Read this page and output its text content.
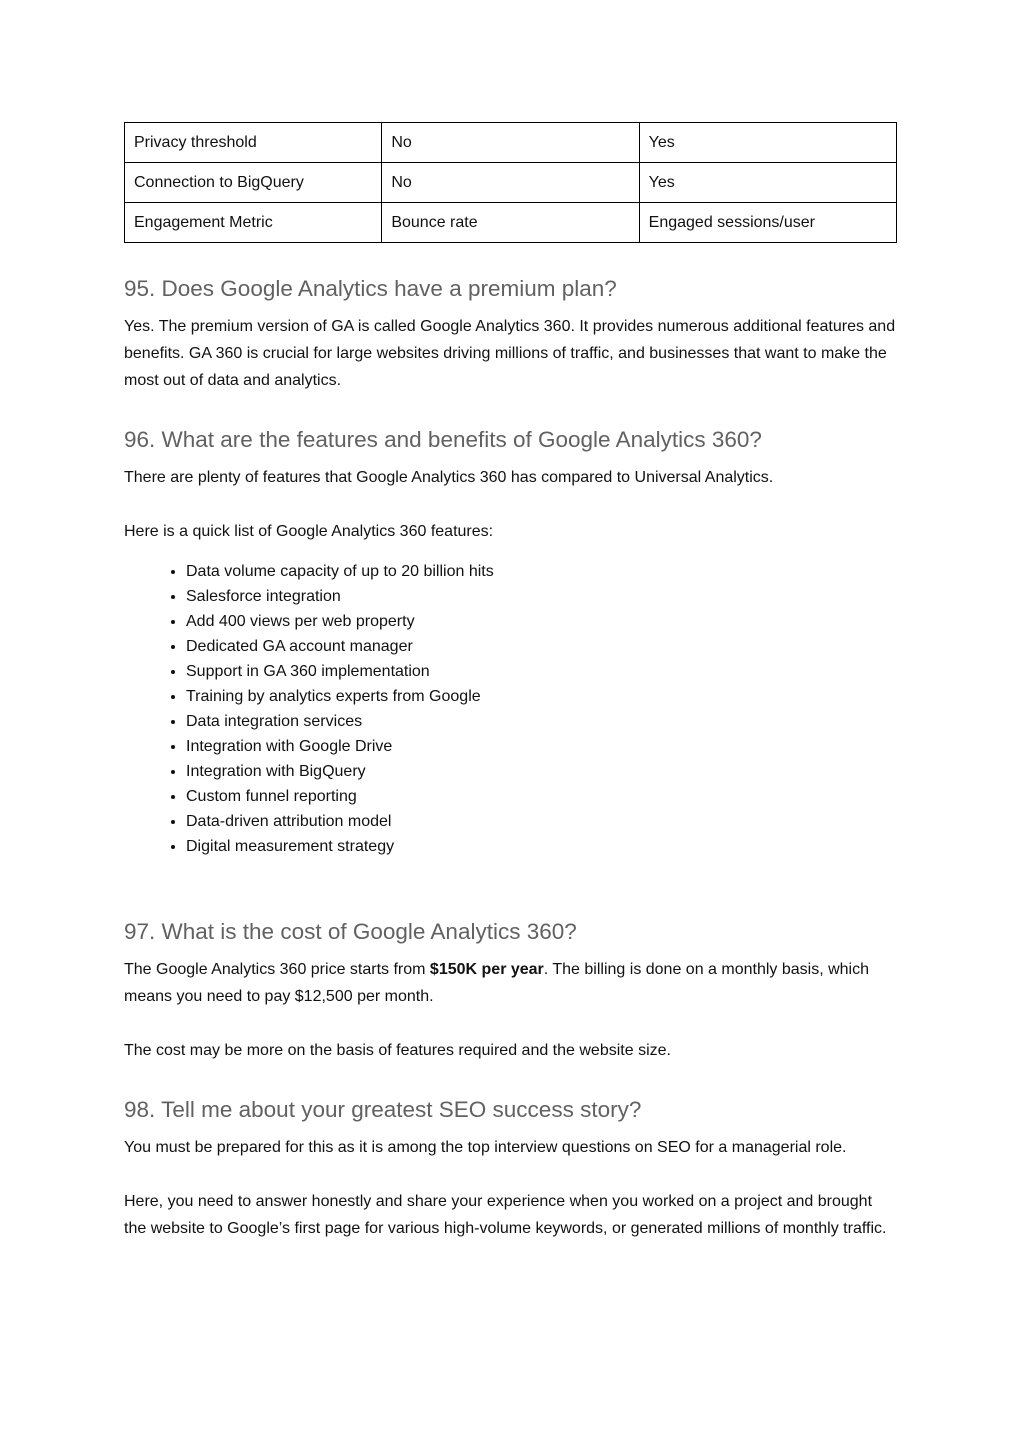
Privacy threshold	No	Yes
Connection to BigQuery	No	Yes
Engagement Metric	Bounce rate	Engaged sessions/user
95. Does Google Analytics have a premium plan?

Yes. The premium version of GA is called Google Analytics 360. It provides numerous additional features and benefits. GA 360 is crucial for large websites driving millions of traffic, and businesses that want to make the most out of data and analytics.

96. What are the features and benefits of Google Analytics 360?

There are plenty of features that Google Analytics 360 has compared to Universal Analytics.

Here is a quick list of Google Analytics 360 features:

• Data volume capacity of up to 20 billion hits
• Salesforce integration
• Add 400 views per web property
• Dedicated GA account manager
• Support in GA 360 implementation
• Training by analytics experts from Google
• Data integration services
• Integration with Google Drive
• Integration with BigQuery
• Custom funnel reporting
• Data-driven attribution model
• Digital measurement strategy
97. What is the cost of Google Analytics 360?

The Google Analytics 360 price starts from $150K per year. The billing is done on a monthly basis, which means you need to pay $12,500 per month.

The cost may be more on the basis of features required and the website size.

98. Tell me about your greatest SEO success story?

You must be prepared for this as it is among the top interview questions on SEO for a managerial role.

Here, you need to answer honestly and share your experience when you worked on a project and brought the website to Google’s first page for various high-volume keywords, or generated millions of monthly traffic.
